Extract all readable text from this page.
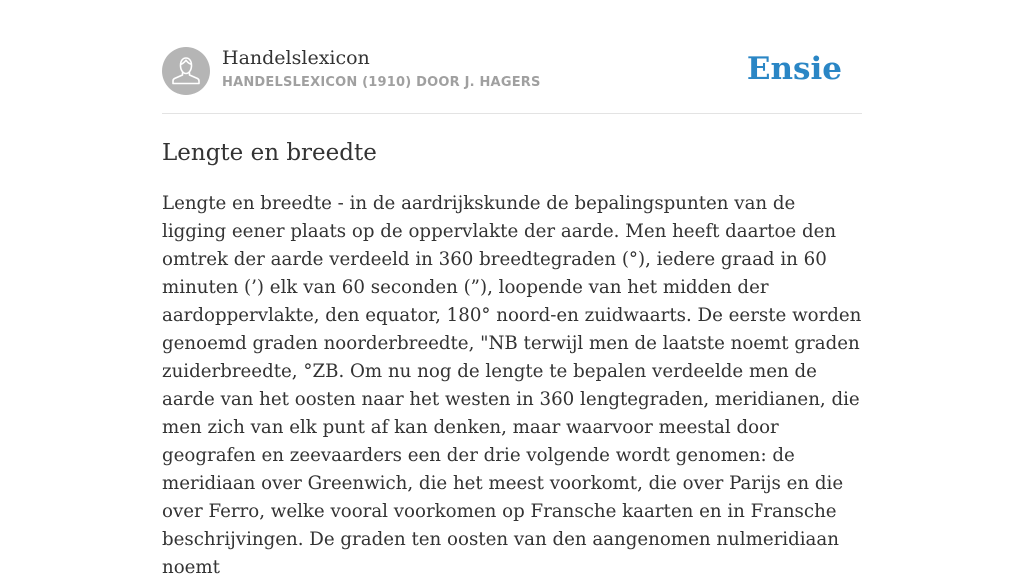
Handelslexicon
HANDELSLEXICON (1910) DOOR J. HAGERS	Ensie
Lengte en breedte

Lengte en breedte - in de aardrijkskunde de bepalingspunten van de ligging eener plaats op de oppervlakte der aarde. Men heeft daartoe den omtrek der aarde verdeeld in 360 breedtegraden (°), iedere graad in 60 minuten (’) elk van 60 seconden (”), loopende van het midden der aardoppervlakte, den equator, 180° noord-en zuidwaarts. De eerste worden genoemd graden noorderbreedte, "NB terwijl men de laatste noemt graden zuiderbreedte, °ZB. Om nu nog de lengte te bepalen verdeelde men de aarde van het oosten naar het westen in 360 lengtegraden, meridianen, die men zich van elk punt af kan denken, maar waarvoor meestal door geografen en zeevaarders een der drie volgende wordt genomen: de meridiaan over Greenwich, die het meest voorkomt, die over Parijs en die over Ferro, welke vooral voorkomen op Fransche kaarten en in Fransche beschrijvingen. De graden ten oosten van den aangenomen nulmeridiaan noemt
